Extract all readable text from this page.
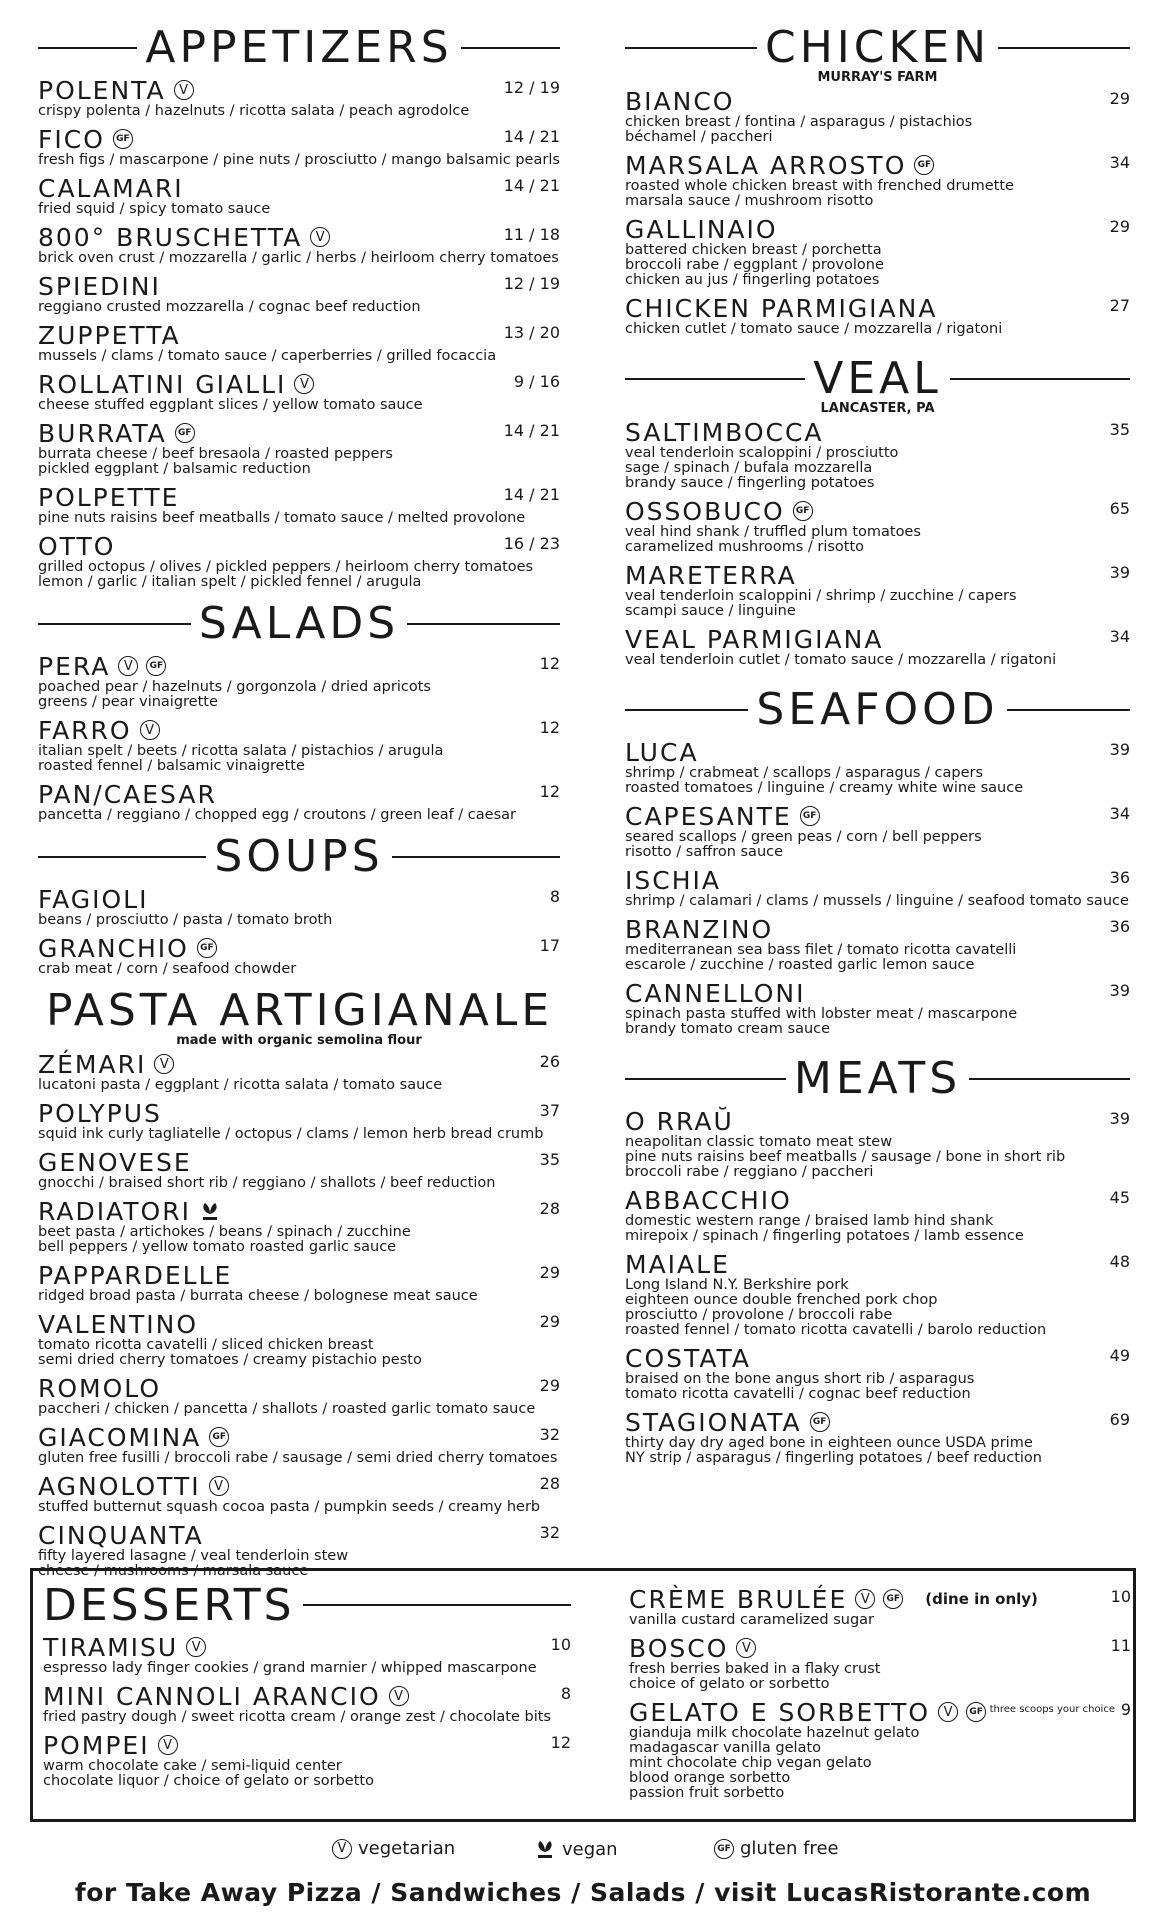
APPETIZERS
POLENTA	V	12 / 19
crispy polenta / hazelnuts / ricotta salata / peach agrodolce
FICO	GF	14 / 21
fresh figs / mascarpone / pine nuts / prosciutto / mango balsamic pearls
CALAMARI	14 / 21
fried squid / spicy tomato sauce
800° BRUSCHETTA	V	11 / 18
brick oven crust / mozzarella / garlic / herbs / heirloom cherry tomatoes
SPIEDINI	12 / 19
reggiano crusted mozzarella / cognac beef reduction
ZUPPETTA	13 / 20
mussels / clams / tomato sauce / caperberries / grilled focaccia
ROLLATINI GIALLI	V	9 / 16
cheese stuffed eggplant slices / yellow tomato sauce
BURRATA	GF	14 / 21
burrata cheese / beef bresaola / roasted peppers
pickled eggplant / balsamic reduction
POLPETTE	14 / 21
pine nuts raisins beef meatballs / tomato sauce / melted provolone
OTTO	16 / 23
grilled octopus / olives / pickled peppers / heirloom cherry tomatoes
lemon / garlic / italian spelt / pickled fennel / arugula
SALADS
PERA	V	GF	12
poached pear / hazelnuts / gorgonzola / dried apricots
greens / pear vinaigrette
FARRO	V	12
italian spelt / beets / ricotta salata / pistachios / arugula
roasted fennel / balsamic vinaigrette
PAN/CAESAR	12
pancetta / reggiano / chopped egg / croutons / green leaf / caesar
SOUPS
FAGIOLI	8
beans / prosciutto / pasta / tomato broth
GRANCHIO	GF	17
crab meat / corn / seafood chowder
PASTA ARTIGIANALE
made with organic semolina flour
ZÉMARI	V	26
lucatoni pasta / eggplant / ricotta salata / tomato sauce
POLYPUS	37
squid ink curly tagliatelle / octopus / clams / lemon herb bread crumb
GENOVESE	35
gnocchi / braised short rib / reggiano / shallots / beef reduction
RADIATORI	28
beet pasta / artichokes / beans / spinach / zucchine
bell peppers / yellow tomato roasted garlic sauce
PAPPARDELLE	29
ridged broad pasta / burrata cheese / bolognese meat sauce
VALENTINO	29
tomato ricotta cavatelli / sliced chicken breast
semi dried cherry tomatoes / creamy pistachio pesto
ROMOLO	29
paccheri / chicken / pancetta / shallots / roasted garlic tomato sauce
GIACOMINA	GF	32
gluten free fusilli / broccoli rabe / sausage / semi dried cherry tomatoes
AGNOLOTTI	V	28
stuffed butternut squash cocoa pasta / pumpkin seeds / creamy herb
CINQUANTA	32
fifty layered lasagne / veal tenderloin stew
cheese / mushrooms / marsala sauce
CHICKEN
MURRAY'S FARM
BIANCO	29
chicken breast / fontina / asparagus / pistachios
béchamel / paccheri
MARSALA ARROSTO	GF	34
roasted whole chicken breast with frenched drumette
marsala sauce / mushroom risotto
GALLINAIO	29
battered chicken breast / porchetta
broccoli rabe / eggplant / provolone
chicken au jus / fingerling potatoes
CHICKEN PARMIGIANA	27
chicken cutlet / tomato sauce / mozzarella / rigatoni
VEAL
LANCASTER, PA
SALTIMBOCCA	35
veal tenderloin scaloppini / prosciutto
sage / spinach / bufala mozzarella
brandy sauce / fingerling potatoes
OSSOBUCO	GF	65
veal hind shank / truffled plum tomatoes
caramelized mushrooms / risotto
MARETERRA	39
veal tenderloin scaloppini / shrimp / zucchine / capers
scampi sauce / linguine
VEAL PARMIGIANA	34
veal tenderloin cutlet / tomato sauce / mozzarella / rigatoni
SEAFOOD
LUCA	39
shrimp / crabmeat / scallops / asparagus / capers
roasted tomatoes / linguine / creamy white wine sauce
CAPESANTE	GF	34
seared scallops / green peas / corn / bell peppers
risotto / saffron sauce
ISCHIA	36
shrimp / calamari / clams / mussels / linguine / seafood tomato sauce
BRANZINO	36
mediterranean sea bass filet / tomato ricotta cavatelli
escarole / zucchine / roasted garlic lemon sauce
CANNELLONI	39
spinach pasta stuffed with lobster meat / mascarpone
brandy tomato cream sauce
MEATS
O RRAŬ	39
neapolitan classic tomato meat stew
pine nuts raisins beef meatballs / sausage / bone in short rib
broccoli rabe / reggiano / paccheri
ABBACCHIO	45
domestic western range / braised lamb hind shank
mirepoix / spinach / fingerling potatoes / lamb essence
MAIALE	48
Long Island N.Y. Berkshire pork
eighteen ounce double frenched pork chop
prosciutto / provolone / broccoli rabe
roasted fennel / tomato ricotta cavatelli / barolo reduction
COSTATA	49
braised on the bone angus short rib / asparagus
tomato ricotta cavatelli / cognac beef reduction
STAGIONATA	GF	69
thirty day dry aged bone in eighteen ounce USDA prime
NY strip / asparagus / fingerling potatoes / beef reduction
DESSERTS
TIRAMISU	V	10
espresso lady finger cookies / grand marnier / whipped mascarpone
MINI CANNOLI ARANCIO	V	8
fried pastry dough / sweet ricotta cream / orange zest / chocolate bits
POMPEI	V	12
warm chocolate cake / semi-liquid center
chocolate liquor / choice of gelato or sorbetto
CRÈME BRULÉE	V	GF (dine in only)	10
vanilla custard caramelized sugar
BOSCO	V	11
fresh berries baked in a flaky crust
choice of gelato or sorbetto
GELATO E SORBETTO	V	GF three scoops your choice 9
gianduja milk chocolate hazelnut gelato
madagascar vanilla gelato
mint chocolate chip vegan gelato
blood orange sorbetto
passion fruit sorbetto
V vegetarian	vegan	GF gluten free
for Take Away Pizza / Sandwiches / Salads / visit LucasRistorante.com
